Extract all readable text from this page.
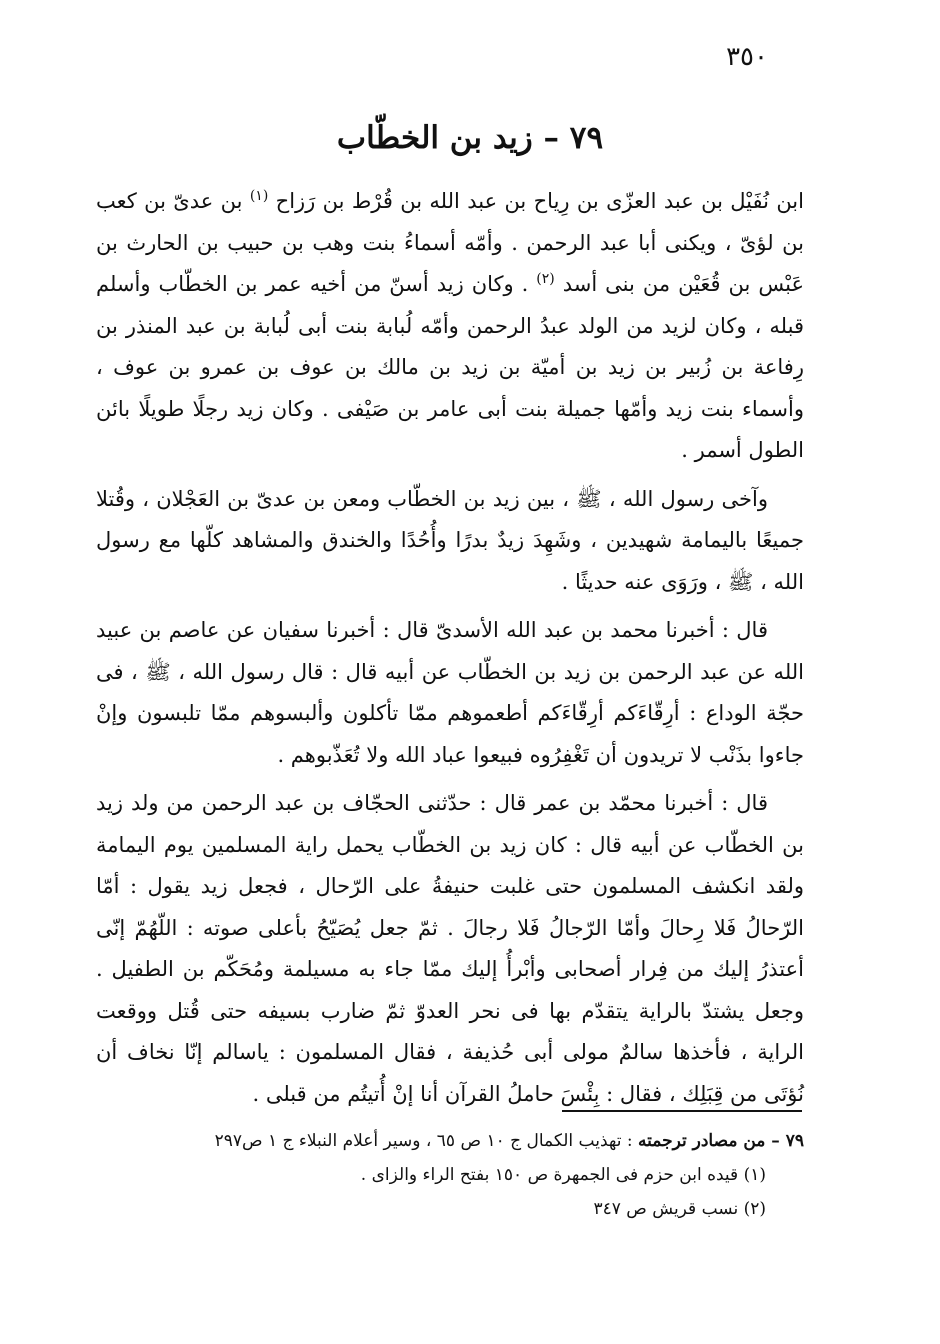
٣٥٠
٧٩ – زيد بن الخطّاب

ابن نُفَيْل بن عبد العزّى بن رِياح بن عبد الله بن قُرْط بن رَزاح $^{(١)}$ بن عدىّ بن كعب بن لؤىّ ، ويكنى أبا عبد الرحمن . وأمّه أسماءُ بنت وهب بن حبيب بن الحارث بن عَبْس بن قُعَيْن من بنى أسد $^{(٢)}$ . وكان زيد أسنّ من أخيه عمر بن الخطّاب وأسلم قبله ، وكان لزيد من الولد عبدُ الرحمن وأمّه لُبابة بنت أبى لُبابة بن عبد المنذر بن رِفاعة بن زُبير بن زيد بن أميّة بن زيد بن مالك بن عوف بن عمرو بن عوف ، وأسماء بنت زيد وأمّها جميلة بنت أبى عامر بن صَيْفى . وكان زيد رجلًا طويلًا بائن الطول أسمر .

وآخى رسول الله ، ﷺ ، بين زيد بن الخطّاب ومعن بن عدىّ بن العَجْلان ، وقُتلا جميعًا باليمامة شهيدين ، وشَهِدَ زيدٌ بدرًا وأُحُدًا والخندق والمشاهد كلّها مع رسول الله ، ﷺ ، ورَوَى عنه حديثًا .

قال : أخبرنا محمد بن عبد الله الأسدىّ قال : أخبرنا سفيان عن عاصم بن عبيد الله عن عبد الرحمن بن زيد بن الخطّاب عن أبيه قال : قال رسول الله ، ﷺ ، فى حجّة الوداع : أرِقّاءَكم أرِقّاءَكم أطعموهم ممّا تأكلون وألبسوهم ممّا تلبسون وإنْ جاءوا بذَنْب لا تريدون أن تَغْفِرُوه فبيعوا عباد الله ولا تُعَذّبوهم .

قال : أخبرنا محمّد بن عمر قال : حدّثنى الحجّاف بن عبد الرحمن من ولد زيد بن الخطّاب عن أبيه قال : كان زيد بن الخطّاب يحمل راية المسلمين يوم اليمامة ولقد انكشف المسلمون حتى غلبت حنيفةُ على الرّحال ، فجعل زيد يقول : أمّا الرّحالُ فَلا رِحالَ وأمّا الرّجالُ فَلا رجالَ . ثمّ جعل يُصَيّحُ بأعلى صوته : اللّهُمّ إنّى أعتذرُ إليك من فِرار أصحابى وأبْرأُ إليك ممّا جاء به مسيلمة ومُحَكّم بن الطفيل . وجعل يشتدّ بالراية يتقدّم بها فى نحر العدوّ ثمّ ضارب بسيفه حتى قُتل ووقعت الراية ، فأخذها سالمٌ مولى أبى حُذيفة ، فقال المسلمون : ياسالم إنّا نخاف أن نُؤتَى من قِبَلِك ، فقال : بِئْسَ حاملُ القرآن أنا إنْ أُتيتُم من قبلى .

٧٩ – من مصادر ترجمته : تهذيب الكمال ج ١٠ ص ٦٥ ، وسير أعلام النبلاء ج ١ ص٢٩٧

(١) قيده ابن حزم فى الجمهرة ص ١٥٠ بفتح الراء والزاى .

(٢) نسب قريش ص ٣٤٧
